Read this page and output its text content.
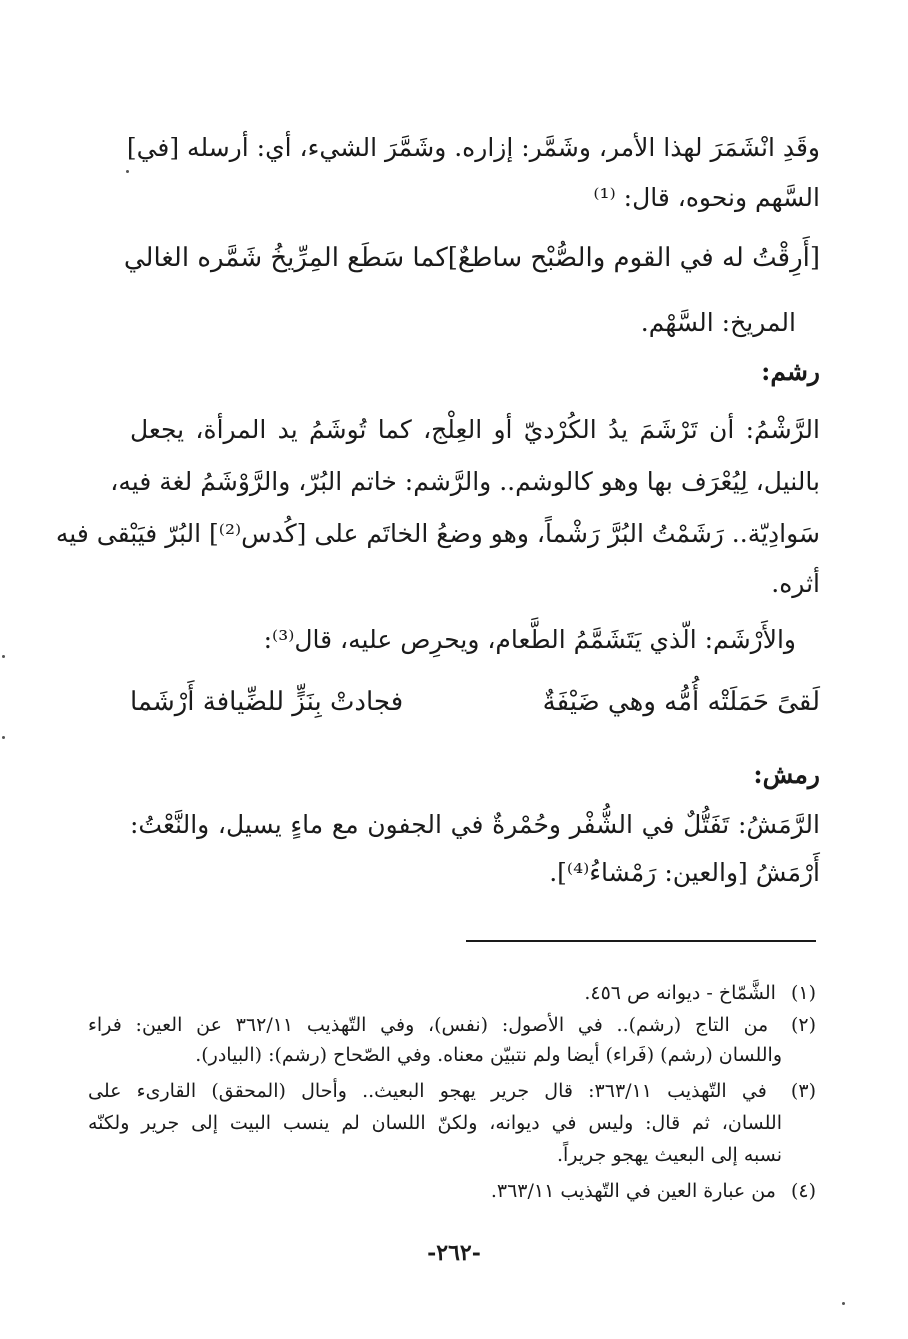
وقَدِ انْشَمَرَ لهذا الأمر، وشَمَّر: إزاره. وشَمَّرَ الشيء، أي: أرسله [في]
السَّهم ونحوه، قال: ⁽¹⁾
[أَرِقْتُ له في القوم والصُّبْح ساطعٌ]
كما سَطَع المِرِّيخُ شَمَّره الغالي
المريخ: السَّهْم.
رشم:
الرَّشْمُ: أن تَرْشَمَ يدُ الكُرْديّ أو العِلْج، كما تُوشَمُ يد المرأة، يجعل
بالنيل، لِيُعْرَف بها وهو كالوشم.. والرَّشم: خاتم البُرّ، والرَّوْشَمُ لغة فيه،
سَوادِيّة.. رَشَمْتُ البُرَّ رَشْماً، وهو وضعُ الخاتَم على [كُدس⁽²⁾] البُرّ فيَبْقى فيه
أثره.
والأَرْشَم: الّذي يَتَشَمَّمُ الطَّعام، ويحرِص عليه، قال⁽³⁾:
لَقىً حَمَلَتْه أُمُّه وهي ضَيْفَةٌ
فجادتْ بِنَزٍّ للضِّيافة أَرْشَما
رمش:
الرَّمَشُ: تَفَتُّلٌ في الشُّفْر وحُمْرةٌ في الجفون مع ماءٍ يسيل، والنَّعْتُ:
أَرْمَشُ [والعين: رَمْشاءُ⁽⁴⁾].
(١) الشَّمّاخ - ديوانه ص ٤٥٦.
(٢) من التاج (رشم).. في الأصول: (نفس)، وفي التّهذيب ٣٦٢/١١ عن العين: فراء
واللسان (رشم) (فَراء) أيضا ولم نتبيّن معناه. وفي الصّحاح (رشم): (البيادر).
(٣) في التّهذيب ٣٦٣/١١: قال جرير يهجو البعيث.. وأحال (المحقق) القارىء على
اللسان، ثم قال: وليس في ديوانه، ولكنّ اللسان لم ينسب البيت إلى جرير ولكنّه
نسبه إلى البعيث يهجو جريراً.
(٤) من عبارة العين في التّهذيب ٣٦٣/١١.
-٢٦٢-
